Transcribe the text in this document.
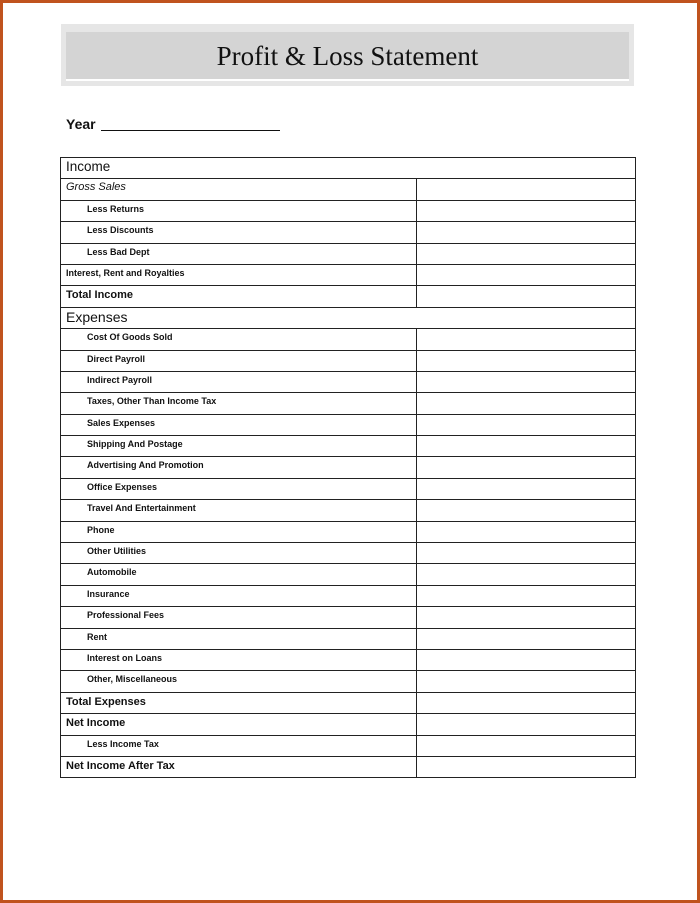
Profit & Loss Statement
Year
Income	

Gross Sales	

Less Returns	

Less Discounts	

Less Bad Dept	

Interest, Rent and Royalties	

Total Income	

Expenses	

Cost Of Goods Sold	

Direct Payroll	

Indirect Payroll	

Taxes, Other Than Income Tax	

Sales Expenses	

Shipping And Postage	

Advertising And Promotion	

Office Expenses	

Travel And Entertainment	

Phone	

Other Utilities	

Automobile	

Insurance	

Professional Fees	

Rent	

Interest on Loans	

Other, Miscellaneous	

Total Expenses	

Net Income	

Less Income Tax	

Net Income After Tax	
